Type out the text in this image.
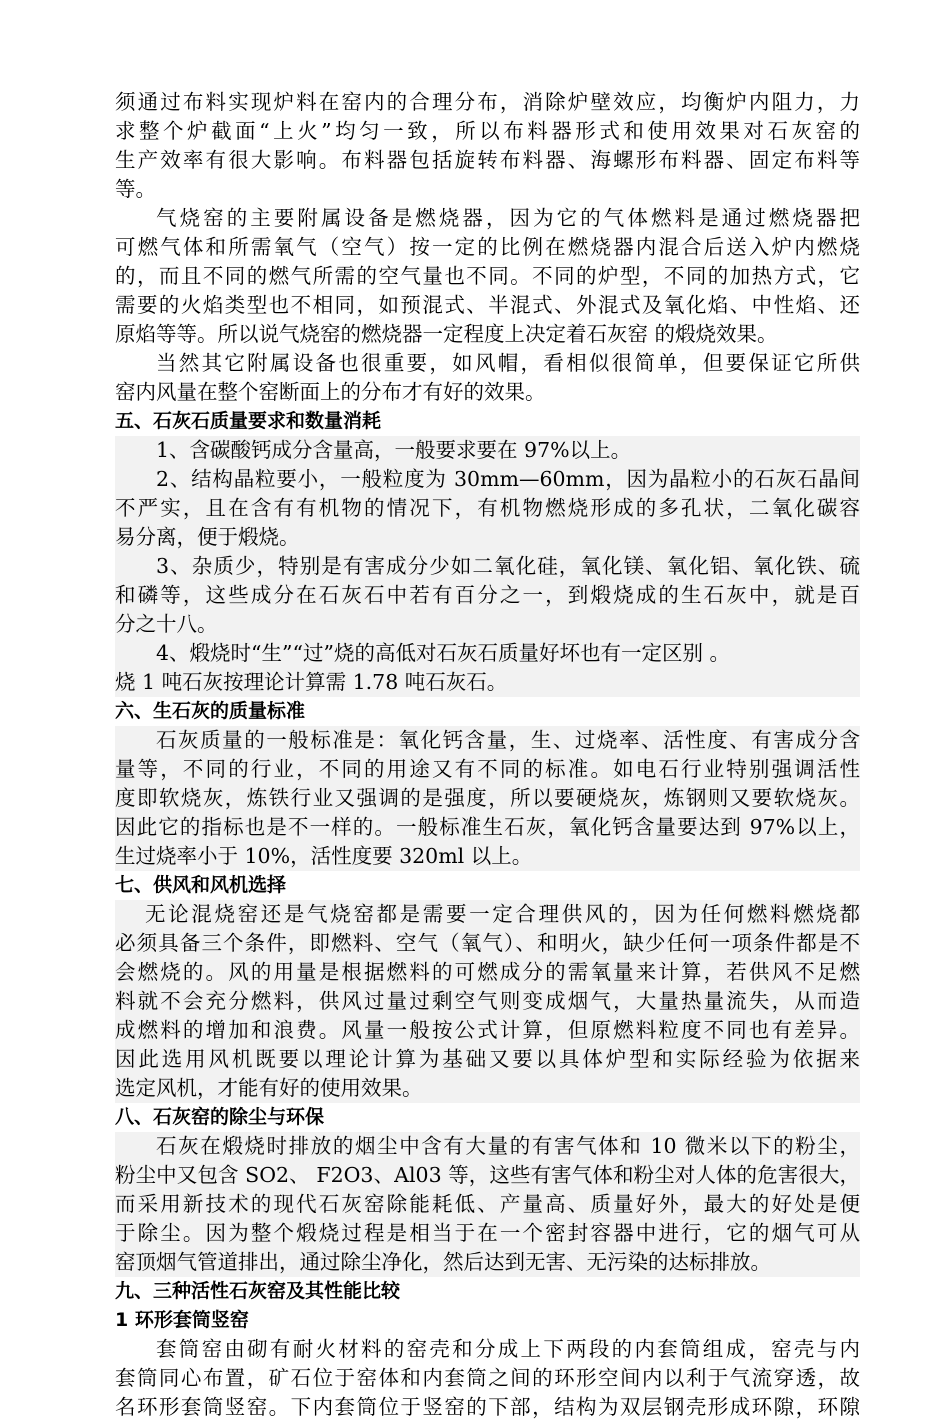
须通过布料实现炉料在窑内的合理分布，消除炉壁效应，均衡炉内阻力，力
求整个炉截面“上火”均匀一致，所以布料器形式和使用效果对石灰窑的
生产效率有很大影响。布料器包括旋转布料器、海螺形布料器、固定布料等
等。
气烧窑的主要附属设备是燃烧器，因为它的气体燃料是通过燃烧器把
可燃气体和所需氧气（空气）按一定的比例在燃烧器内混合后送入炉内燃烧
的，而且不同的燃气所需的空气量也不同。不同的炉型，不同的加热方式，它
需要的火焰类型也不相同，如预混式、半混式、外混式及氧化焰、中性焰、还
原焰等等。所以说气烧窑的燃烧器一定程度上决定着石灰窑 的煅烧效果。
当然其它附属设备也很重要，如风帽，看相似很简单，但要保证它所供
窑内风量在整个窑断面上的分布才有好的效果。
五、石灰石质量要求和数量消耗
1、含碳酸钙成分含量高，一般要求要在 97%以上。
2、结构晶粒要小，一般粒度为 30mm—60mm，因为晶粒小的石灰石晶间
不严实，且在含有有机物的情况下，有机物燃烧形成的多孔状，二氧化碳容
易分离，便于煅烧。
3、杂质少，特别是有害成分少如二氧化硅，氧化镁、氧化铝、氧化铁、硫
和磷等，这些成分在石灰石中若有百分之一，到煅烧成的生石灰中，就是百
分之十八。
4、煅烧时“生”“过”烧的高低对石灰石质量好坏也有一定区别 。
烧 1 吨石灰按理论计算需 1.78 吨石灰石。
六、生石灰的质量标准
石灰质量的一般标准是：氧化钙含量，生、过烧率、活性度、有害成分含
量等，不同的行业，不同的用途又有不同的标准。如电石行业特别强调活性
度即软烧灰，炼铁行业又强调的是强度，所以要硬烧灰，炼钢则又要软烧灰。
因此它的指标也是不一样的。一般标准生石灰，氧化钙含量要达到 97%以上，
生过烧率小于 10%，活性度要 320ml 以上。
七、供风和风机选择
无论混烧窑还是气烧窑都是需要一定合理供风的，因为任何燃料燃烧都
必须具备三个条件，即燃料、空气（氧气）、和明火，缺少任何一项条件都是不
会燃烧的。风的用量是根据燃料的可燃成分的需氧量来计算，若供风不足燃
料就不会充分燃料，供风过量过剩空气则变成烟气，大量热量流失，从而造
成燃料的增加和浪费。风量一般按公式计算，但原燃料粒度不同也有差异。
因此选用风机既要以理论计算为基础又要以具体炉型和实际经验为依据来
选定风机，才能有好的使用效果。
八、石灰窑的除尘与环保
石灰在煅烧时排放的烟尘中含有大量的有害气体和 10 微米以下的粉尘，
粉尘中又包含 SO2、 F2O3、Al03 等，这些有害气体和粉尘对人体的危害很大，
而采用新技术的现代石灰窑除能耗低、产量高、质量好外，最大的好处是便
于除尘。因为整个煅烧过程是相当于在一个密封容器中进行，它的烟气可从
窑顶烟气管道排出，通过除尘净化，然后达到无害、无污染的达标排放。
九、三种活性石灰窑及其性能比较
1 环形套筒竖窑
套筒窑由砌有耐火材料的窑壳和分成上下两段的内套筒组成，窑壳与内
套筒同心布置，矿石位于窑体和内套筒之间的环形空间内以利于气流穿透，故
名环形套筒竖窑。下内套筒位于竖窑的下部，结构为双层钢壳形成环隙，环隙
